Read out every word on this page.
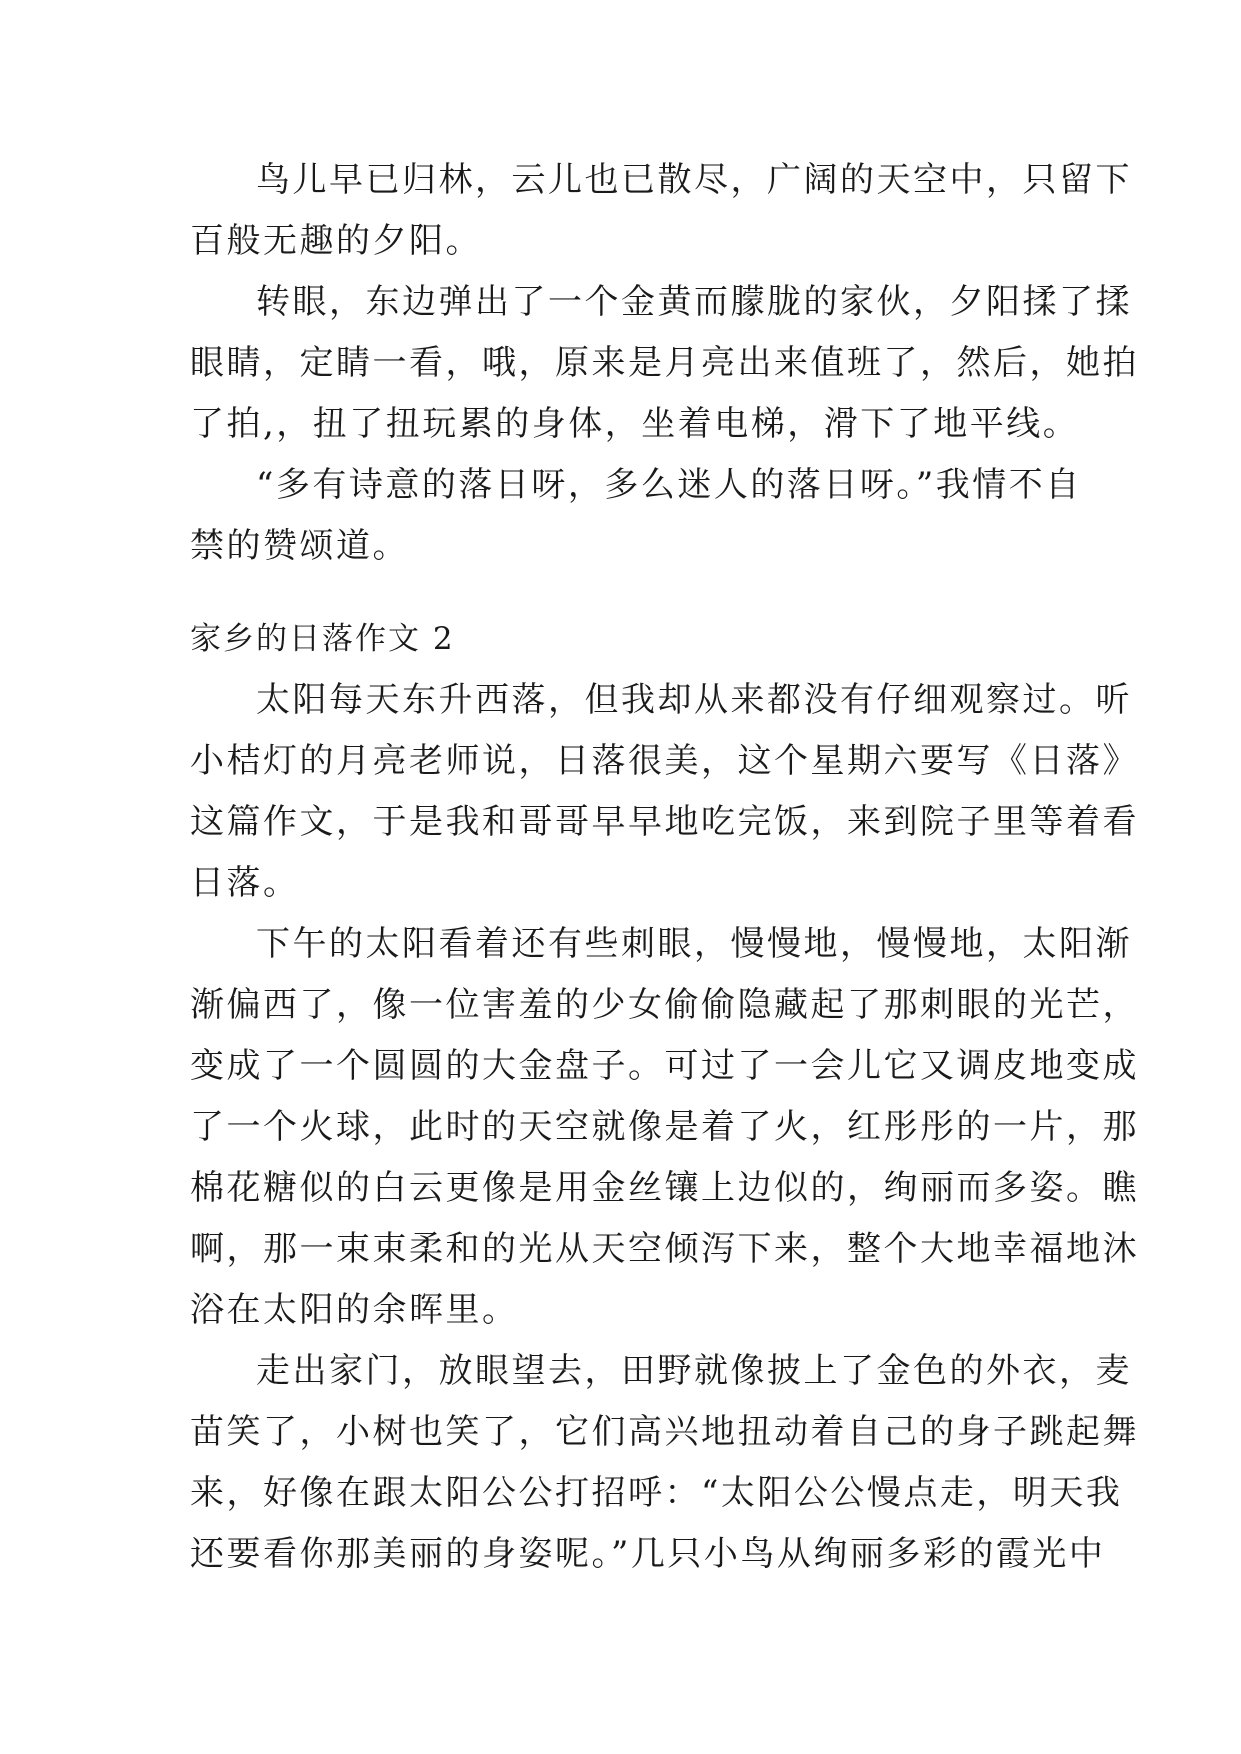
鸟儿早已归林，云儿也已散尽，广阔的天空中，只留下
百般无趣的夕阳。
转眼，东边弹出了一个金黄而朦胧的家伙，夕阳揉了揉
眼睛，定睛一看，哦，原来是月亮出来值班了，然后，她拍
了拍,，扭了扭玩累的身体，坐着电梯，滑下了地平线。
“多有诗意的落日呀，多么迷人的落日呀。”我情不自
禁的赞颂道。
家乡的日落作文 2
太阳每天东升西落，但我却从来都没有仔细观察过。听
小桔灯的月亮老师说，日落很美，这个星期六要写《日落》
这篇作文，于是我和哥哥早早地吃完饭，来到院子里等着看
日落。
下午的太阳看着还有些刺眼，慢慢地，慢慢地，太阳渐
渐偏西了，像一位害羞的少女偷偷隐藏起了那刺眼的光芒，
变成了一个圆圆的大金盘子。可过了一会儿它又调皮地变成
了一个火球，此时的天空就像是着了火，红彤彤的一片，那
棉花糖似的白云更像是用金丝镶上边似的，绚丽而多姿。瞧
啊，那一束束柔和的光从天空倾泻下来，整个大地幸福地沐
浴在太阳的余晖里。
走出家门，放眼望去，田野就像披上了金色的外衣，麦
苗笑了，小树也笑了，它们高兴地扭动着自己的身子跳起舞
来，好像在跟太阳公公打招呼：“太阳公公慢点走，明天我
还要看你那美丽的身姿呢。”几只小鸟从绚丽多彩的霞光中
